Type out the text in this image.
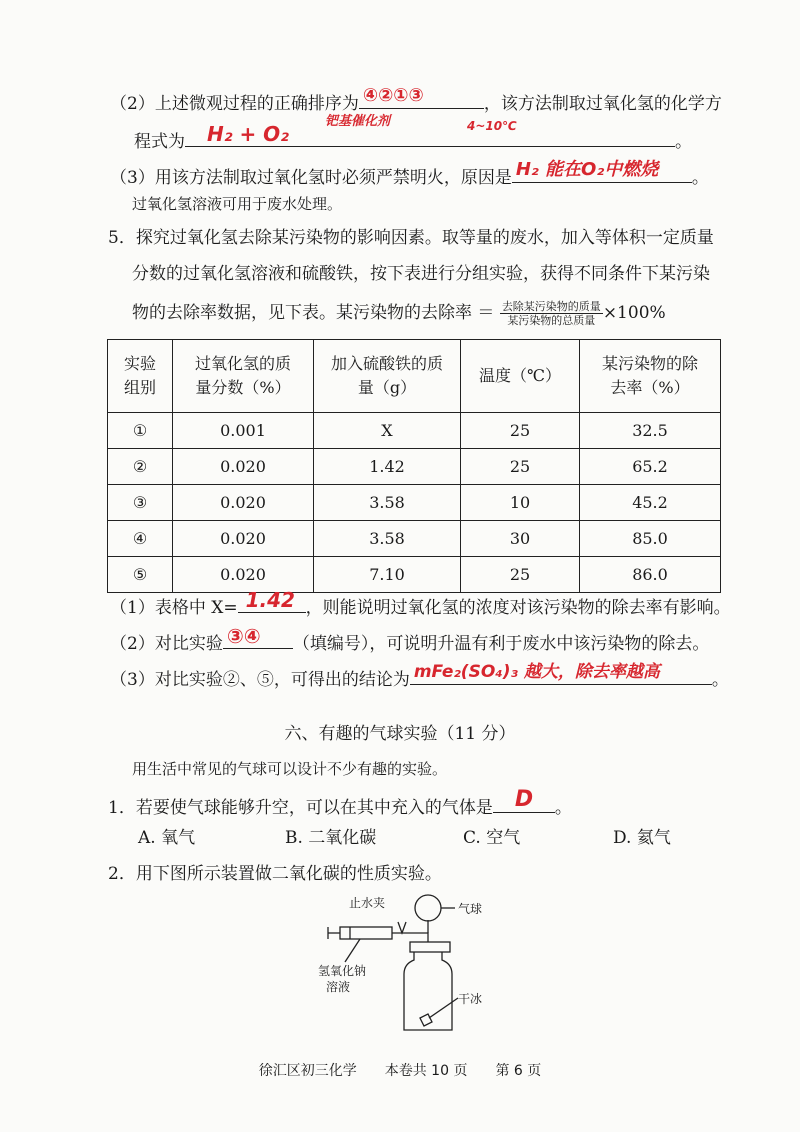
（2）上述微观过程的正确排序为 ④②①③	，该方法制取过氧化氢的化学方
程式为 H₂ + O₂
钯基催化剂	4~10℃
。
（3）用该方法制取过氧化氢时必须严禁明火，原因是 H₂ 能在O₂中燃烧 。
过氧化氢溶液可用于废水处理。
5．探究过氧化氢去除某污染物的影响因素。取等量的废水，加入等体积一定质量
分数的过氧化氢溶液和硫酸铁，按下表进行分组实验，获得不同条件下某污染
物的去除率数据，见下表。某污染物的去除率 ＝ $\frac{\text{去除某污染物的质量}}{\text{某污染物的总质量}} \times 100\%$
实验
组别	过氧化氢的质
量分数（%）	加入硫酸铁的质
量（g）	温度（℃）	某污染物的除
去率（%）
①	0.001	X	25	32.5
②	0.020	1.42	25	65.2
③	0.020	3.58	10	45.2
④	0.020	3.58	30	85.0
⑤	0.020	7.10	25	86.0
（1）表格中 X= 1.42 ，则能说明过氧化氢的浓度对该污染物的除去率有影响。
（2）对比实验 ③④ （填编号），可说明升温有利于废水中该污染物的除去。
（3）对比实验②、⑤，可得出的结论为 mFe₂(SO₄)₃ 越大，除去率越高	。
六、有趣的气球实验（11 分）
用生活中常见的气球可以设计不少有趣的实验。
1．若要使气球能够升空，可以在其中充入的气体是 D 。
A. 氧气	B. 二氧化碳	C. 空气	D. 氦气
2．用下图所示装置做二氧化碳的性质实验。
止水夹	气球
氢氧化钠
溶液
干冰
徐汇区初三化学　　本卷共 10 页　　第 6 页
